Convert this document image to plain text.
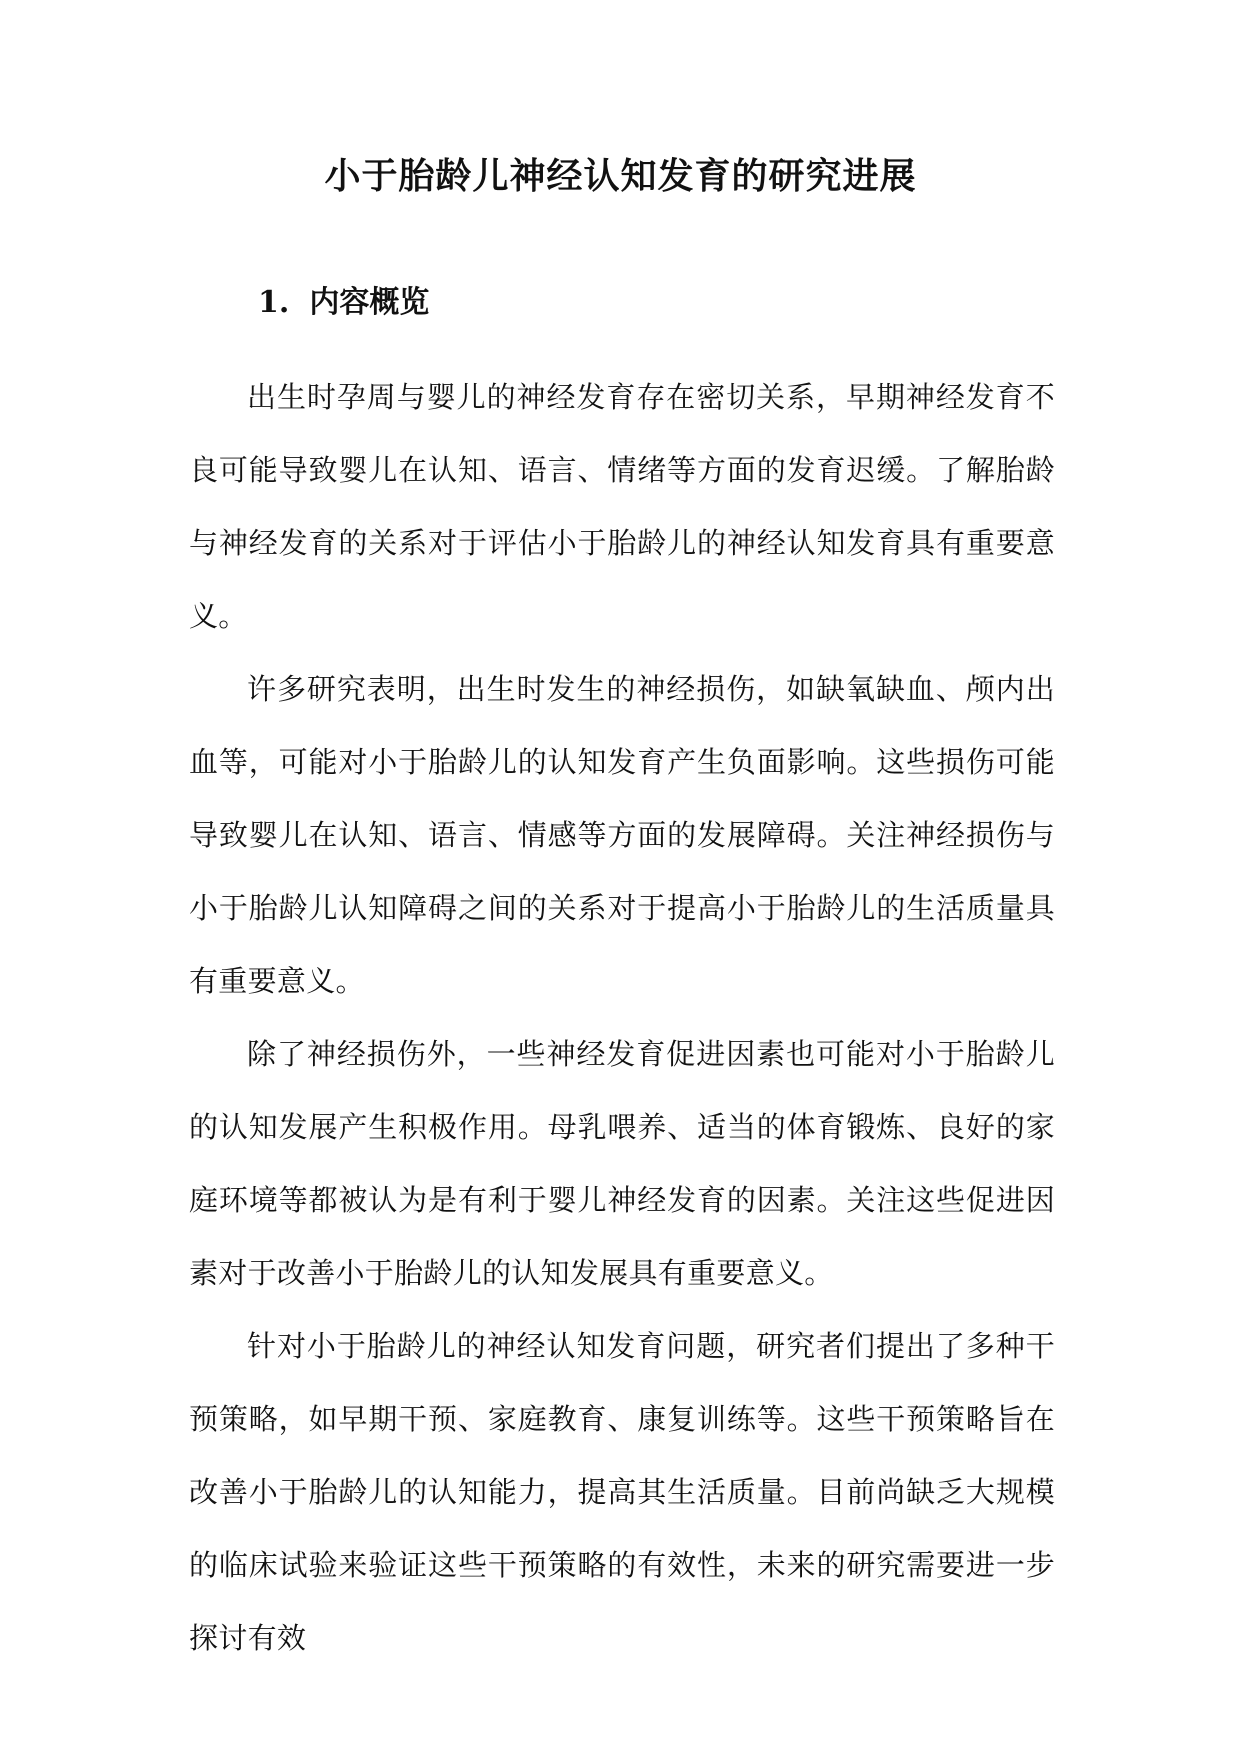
小于胎龄儿神经认知发育的研究进展
1. 内容概览

出生时孕周与婴儿的神经发育存在密切关系，早期神经发育不良可能导致婴儿在认知、语言、情绪等方面的发育迟缓。了解胎龄与神经发育的关系对于评估小于胎龄儿的神经认知发育具有重要意义。

许多研究表明，出生时发生的神经损伤，如缺氧缺血、颅内出血等，可能对小于胎龄儿的认知发育产生负面影响。这些损伤可能导致婴儿在认知、语言、情感等方面的发展障碍。关注神经损伤与小于胎龄儿认知障碍之间的关系对于提高小于胎龄儿的生活质量具有重要意义。

除了神经损伤外，一些神经发育促进因素也可能对小于胎龄儿的认知发展产生积极作用。母乳喂养、适当的体育锻炼、良好的家庭环境等都被认为是有利于婴儿神经发育的因素。关注这些促进因素对于改善小于胎龄儿的认知发展具有重要意义。

针对小于胎龄儿的神经认知发育问题，研究者们提出了多种干预策略，如早期干预、家庭教育、康复训练等。这些干预策略旨在改善小于胎龄儿的认知能力，提高其生活质量。目前尚缺乏大规模的临床试验来验证这些干预策略的有效性，未来的研究需要进一步探讨有效
